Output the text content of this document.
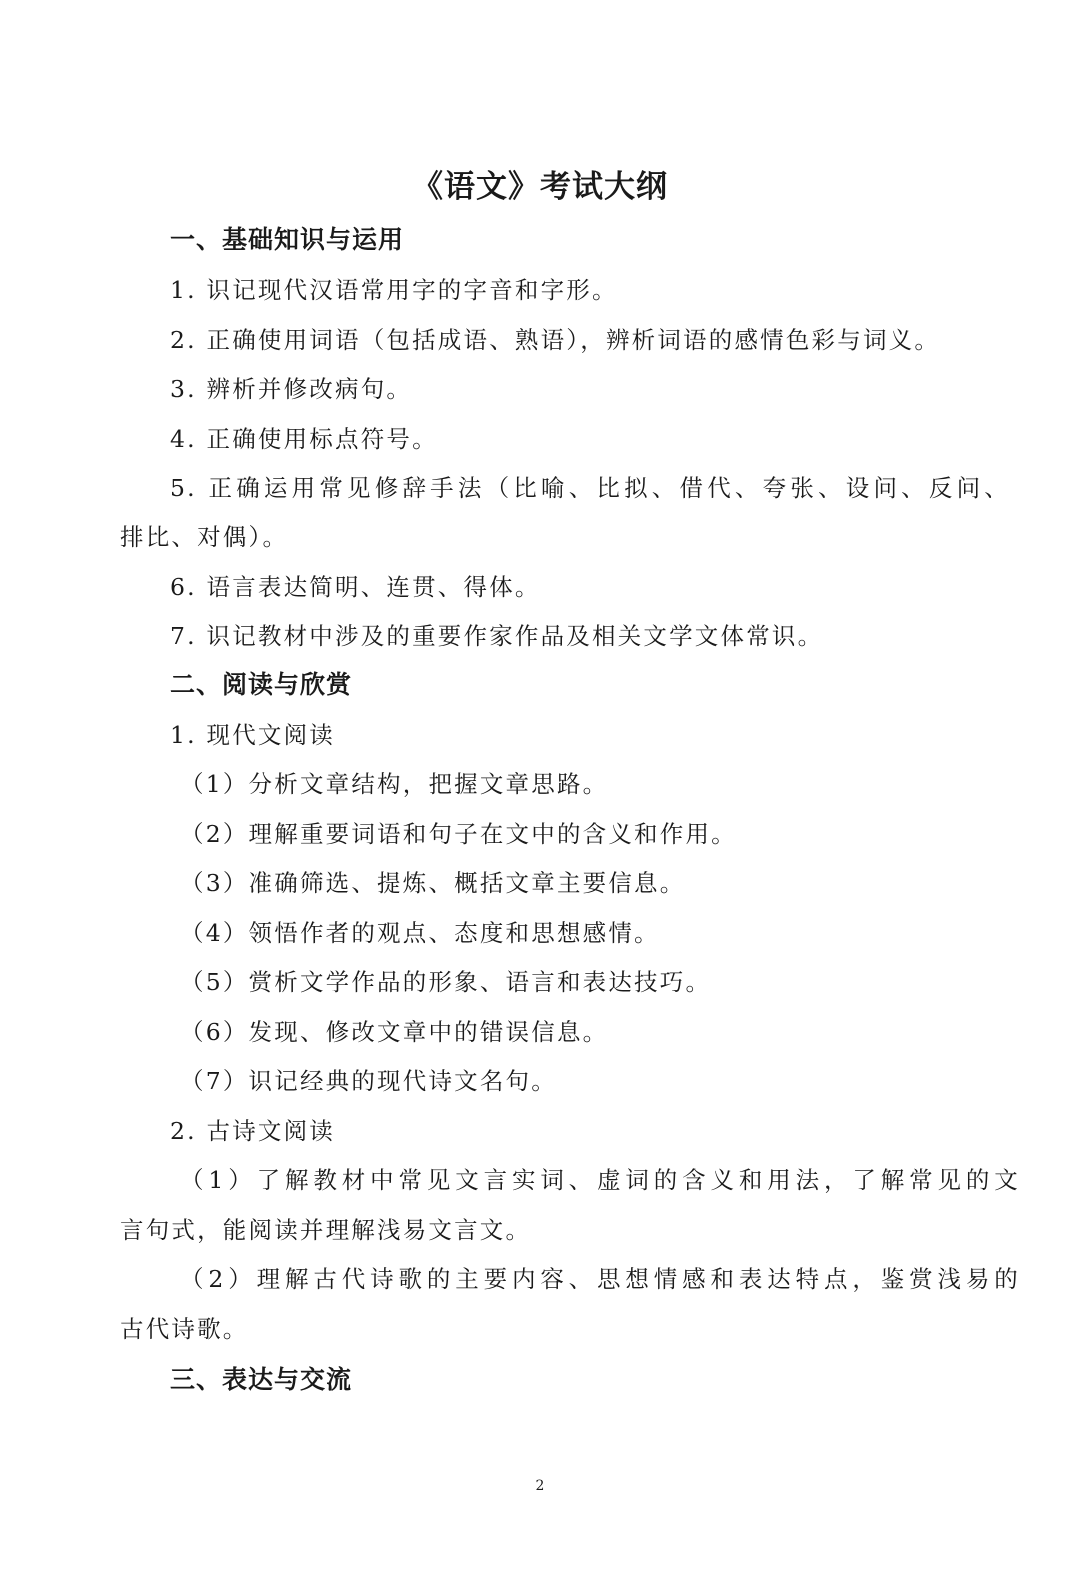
《语文》考试大纲
一、基础知识与运用
1. 识记现代汉语常用字的字音和字形。
2. 正确使用词语（包括成语、熟语），辨析词语的感情色彩与词义。
3. 辨析并修改病句。
4. 正确使用标点符号。
5. 正确运用常见修辞手法（比喻、比拟、借代、夸张、设问、反问、
排比、对偶）。
6. 语言表达简明、连贯、得体。
7. 识记教材中涉及的重要作家作品及相关文学文体常识。
二、阅读与欣赏
1. 现代文阅读
（1）分析文章结构，把握文章思路。
（2）理解重要词语和句子在文中的含义和作用。
（3）准确筛选、提炼、概括文章主要信息。
（4）领悟作者的观点、态度和思想感情。
（5）赏析文学作品的形象、语言和表达技巧。
（6）发现、修改文章中的错误信息。
（7）识记经典的现代诗文名句。
2. 古诗文阅读
（1）了解教材中常见文言实词、虚词的含义和用法，了解常见的文
言句式，能阅读并理解浅易文言文。
（2）理解古代诗歌的主要内容、思想情感和表达特点，鉴赏浅易的
古代诗歌。
三、表达与交流
2
